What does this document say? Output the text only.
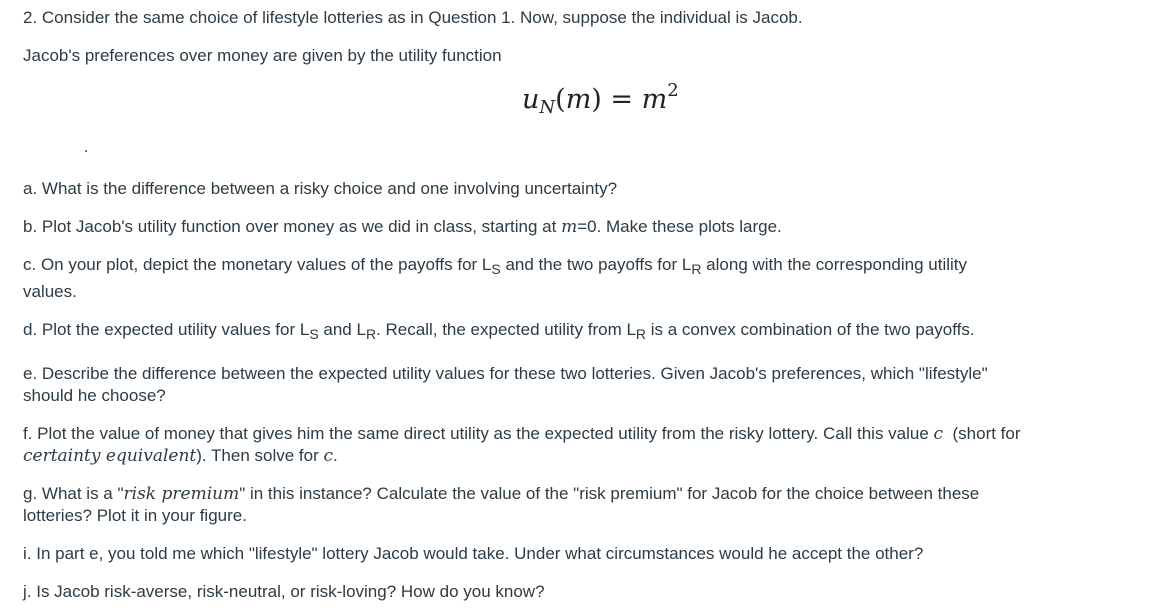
2. Consider the same choice of lifestyle lotteries as in Question 1. Now, suppose the individual is Jacob.

Jacob's preferences over money are given by the utility function

$u_N(m) = m^2$

a. What is the difference between a risky choice and one involving uncertainty?

b. Plot Jacob's utility function over money as we did in class, starting at m=0. Make these plots large.

c. On your plot, depict the monetary values of the payoffs for $L_S$ and the two payoffs for $L_R$ along with the corresponding utility

values.

d. Plot the expected utility values for $L_S$ and $L_R$. Recall, the expected utility from $L_R$ is a convex combination of the two payoffs.

e. Describe the difference between the expected utility values for these two lotteries. Given Jacob's preferences, which "lifestyle"

should he choose?

f. Plot the value of money that gives him the same direct utility as the expected utility from the risky lottery. Call this value c  (short for

certainty equivalent). Then solve for c.

g. What is a "risk premium" in this instance? Calculate the value of the "risk premium" for Jacob for the choice between these

lotteries? Plot it in your figure.

i. In part e, you told me which "lifestyle" lottery Jacob would take. Under what circumstances would he accept the other?

j. Is Jacob risk-averse, risk-neutral, or risk-loving? How do you know?
